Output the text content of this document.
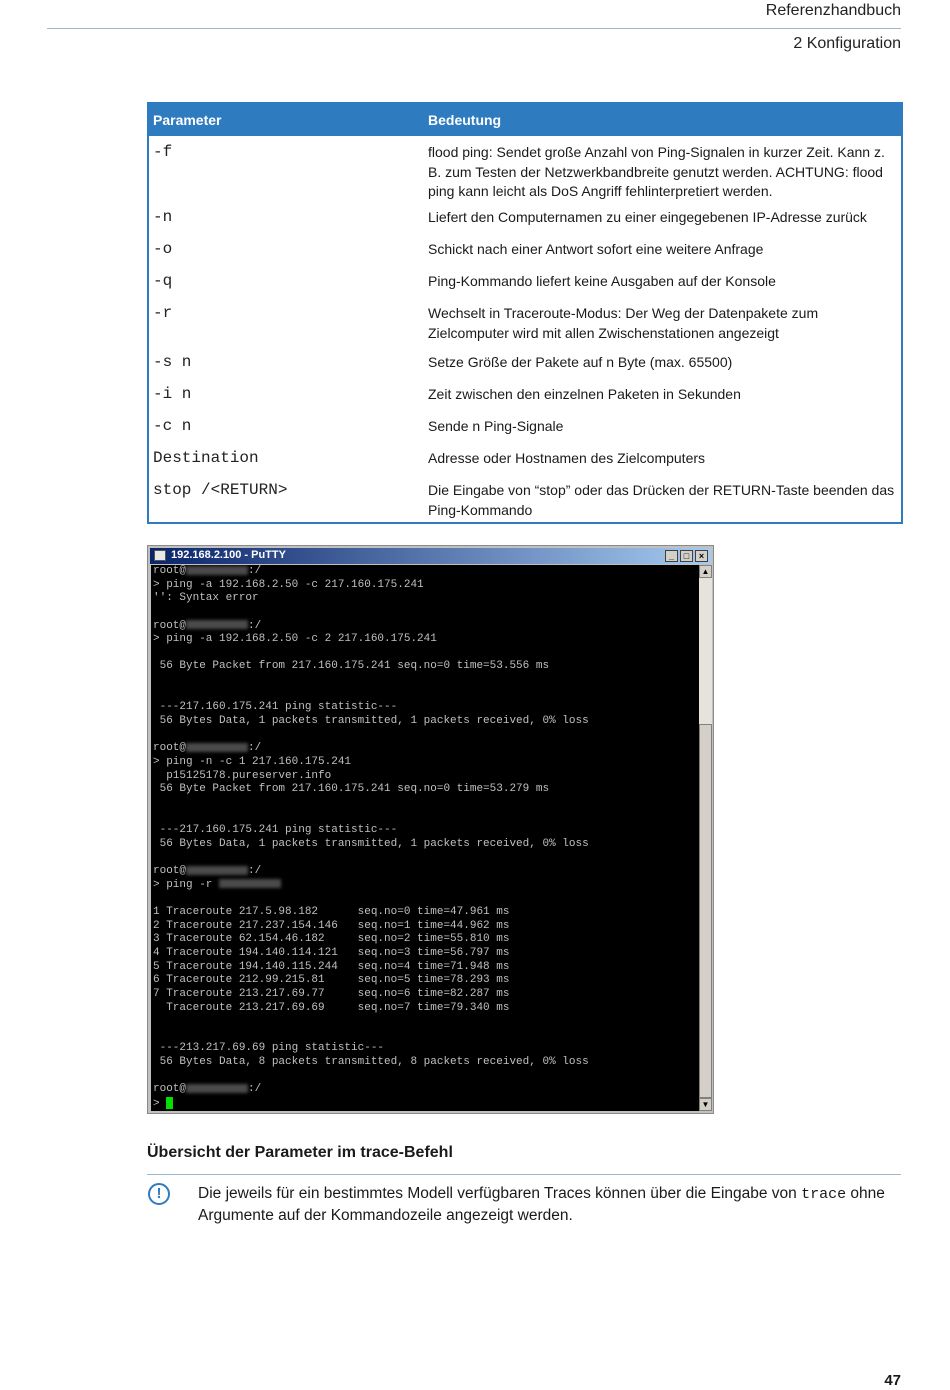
Referenzhandbuch
2 Konfiguration
Parameter	Bedeutung
-f	flood ping: Sendet große Anzahl von Ping-Signalen in kurzer Zeit. Kann z. B. zum Testen der Netzwerkbandbreite genutzt werden. ACHTUNG: flood ping kann leicht als DoS Angriff fehlinterpretiert werden.
-n	Liefert den Computernamen zu einer eingegebenen IP-Adresse zurück
-o	Schickt nach einer Antwort sofort eine weitere Anfrage
-q	Ping-Kommando liefert keine Ausgaben auf der Konsole
-r	Wechselt in Traceroute-Modus: Der Weg der Datenpakete zum Zielcomputer wird mit allen Zwischenstationen angezeigt
-s n	Setze Größe der Pakete auf n Byte (max. 65500)
-i n	Zeit zwischen den einzelnen Paketen in Sekunden
-c n	Sende n Ping-Signale
Destination	Adresse oder Hostnamen des Zielcomputers
stop /<RETURN>	Die Eingabe von “stop” oder das Drücken der RETURN-Taste beenden das Ping-Kommando
192.168.2.100 - PuTTY	_	□	×
root@	:/
> ping -a 192.168.2.50 -c 217.160.175.241
'': Syntax error
root@	:/
> ping -a 192.168.2.50 -c 2 217.160.175.241
56 Byte Packet from 217.160.175.241 seq.no=0 time=53.556 ms
---217.160.175.241 ping statistic---
56 Bytes Data, 1 packets transmitted, 1 packets received, 0% loss
root@	:/
> ping -n -c 1 217.160.175.241
p15125178.pureserver.info
56 Byte Packet from 217.160.175.241 seq.no=0 time=53.279 ms
---217.160.175.241 ping statistic---
56 Bytes Data, 1 packets transmitted, 1 packets received, 0% loss
root@	:/
> ping -r
1 Traceroute 217.5.98.182      seq.no=0 time=47.961 ms
2 Traceroute 217.237.154.146   seq.no=1 time=44.962 ms
3 Traceroute 62.154.46.182     seq.no=2 time=55.810 ms
4 Traceroute 194.140.114.121   seq.no=3 time=56.797 ms
5 Traceroute 194.140.115.244   seq.no=4 time=71.948 ms
6 Traceroute 212.99.215.81     seq.no=5 time=78.293 ms
7 Traceroute 213.217.69.77     seq.no=6 time=82.287 ms
Traceroute 213.217.69.69     seq.no=7 time=79.340 ms
---213.217.69.69 ping statistic---
56 Bytes Data, 8 packets transmitted, 8 packets received, 0% loss
root@	:/
>
▲
▼
Übersicht der Parameter im trace-Befehl
!	Die jeweils für ein bestimmtes Modell verfügbaren Traces können über die Eingabe von trace ohne Argumente auf der Kommandozeile angezeigt werden.
47
